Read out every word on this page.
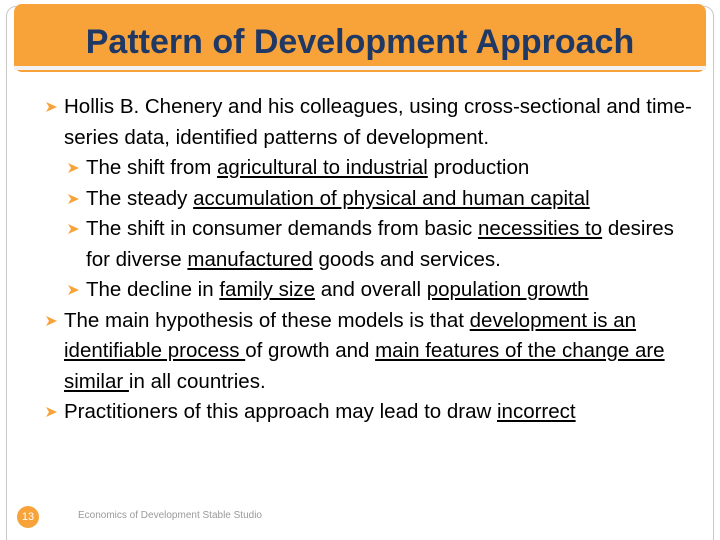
Pattern of Development Approach
Hollis B. Chenery and his colleagues, using cross-sectional and time-series data, identified patterns of development.
The shift from agricultural to industrial production
The steady accumulation of physical and human capital
The shift in consumer demands from basic necessities to desires for diverse manufactured goods and services.
The decline in family size and overall population growth
The main hypothesis of these models is that development is an identifiable process of growth and main features of the change are similar in all countries.
Practitioners of this approach may lead to draw incorrect
13	Economics of Development Stable Studio
